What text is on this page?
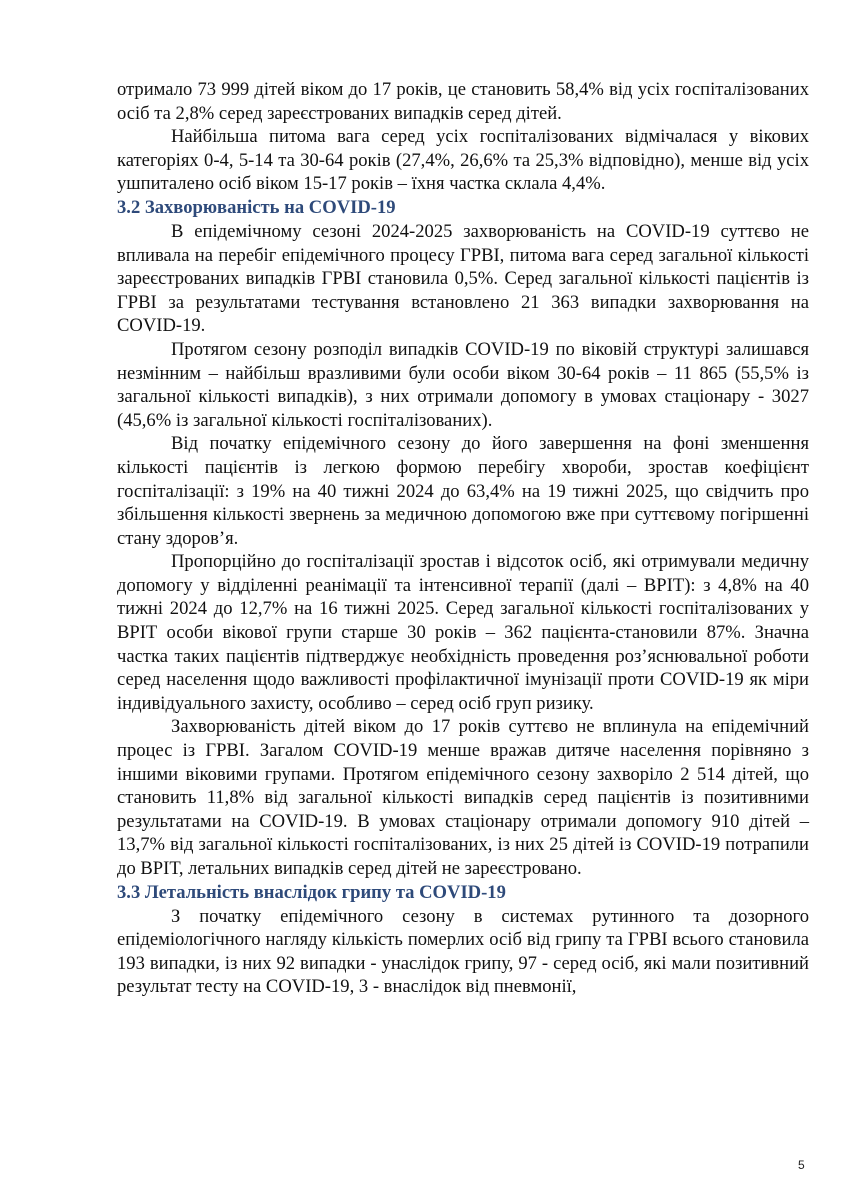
отримало 73 999 дітей віком до 17 років, це становить 58,4% від усіх госпіталізованих осіб та 2,8% серед зареєстрованих випадків серед дітей.

Найбільша питома вага серед усіх госпіталізованих відмічалася у вікових категоріях 0-4, 5-14 та 30-64 років (27,4%, 26,6% та 25,3% відповідно), менше від усіх ушпиталено осіб віком 15-17 років – їхня частка склала 4,4%.

3.2 Захворюваність на COVID-19

В епідемічному сезоні 2024-2025 захворюваність на COVID-19 суттєво не впливала на перебіг епідемічного процесу ГРВІ, питома вага серед загальної кількості зареєстрованих випадків ГРВІ становила 0,5%. Серед загальної кількості пацієнтів із ГРВІ за результатами тестування встановлено 21 363 випадки захворювання на COVID-19.

Протягом сезону розподіл випадків COVID-19 по віковій структурі залишався незмінним – найбільш вразливими були особи віком 30-64 років – 11 865 (55,5% із загальної кількості випадків), з них отримали допомогу в умовах стаціонару - 3027 (45,6% із загальної кількості госпіталізованих).

Від початку епідемічного сезону до його завершення на фоні зменшення кількості пацієнтів із легкою формою перебігу хвороби, зростав коефіцієнт госпіталізації: з 19% на 40 тижні 2024 до 63,4% на 19 тижні 2025, що свідчить про збільшення кількості звернень за медичною допомогою вже при суттєвому погіршенні стану здоров’я.

Пропорційно до госпіталізації зростав і відсоток осіб, які отримували медичну допомогу у відділенні реанімації та інтенсивної терапії (далі – ВРІТ): з 4,8% на 40 тижні 2024 до 12,7% на 16 тижні 2025. Серед загальної кількості госпіталізованих у ВРІТ особи вікової групи старше 30 років – 362 пацієнта-становили 87%. Значна частка таких пацієнтів підтверджує необхідність проведення роз’яснювальної роботи серед населення щодо важливості профілактичної імунізації проти COVID-19 як міри індивідуального захисту, особливо – серед осіб груп ризику.

Захворюваність дітей віком до 17 років суттєво не вплинула на епідемічний процес із ГРВІ. Загалом COVID-19 менше вражав дитяче населення порівняно з іншими віковими групами. Протягом епідемічного сезону захворіло 2 514 дітей, що становить 11,8% від загальної кількості випадків серед пацієнтів із позитивними результатами на COVID-19. В умовах стаціонару отримали допомогу 910 дітей – 13,7% від загальної кількості госпіталізованих, із них 25 дітей із COVID-19 потрапили до ВРІТ, летальних випадків серед дітей не зареєстровано.

3.3 Летальність внаслідок грипу та COVID-19

З початку епідемічного сезону в системах рутинного та дозорного епідеміологічного нагляду кількість померлих осіб від грипу та ГРВІ всього становила 193 випадки, із них 92 випадки - унаслідок грипу, 97 - серед осіб, які мали позитивний результат тесту на COVID-19, 3 - внаслідок від пневмонії,

5
